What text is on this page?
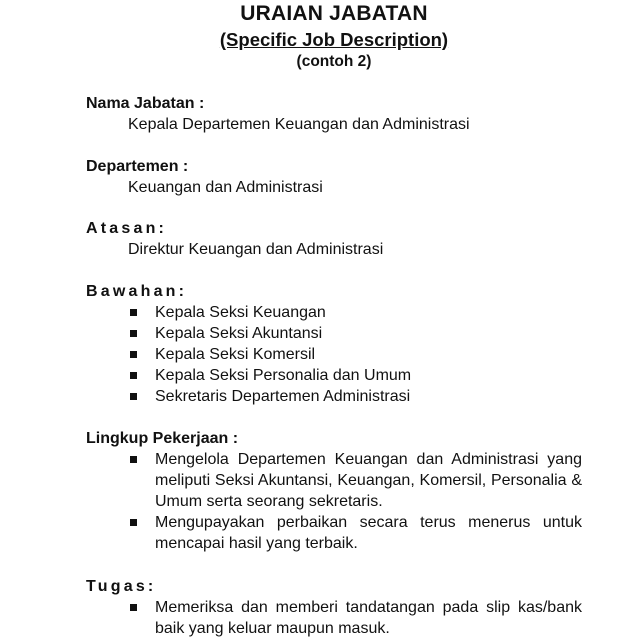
URAIAN JABATAN
(Specific Job Description)
(contoh 2)
Nama Jabatan :
Kepala Departemen Keuangan dan Administrasi
Departemen :
Keuangan dan Administrasi
Atasan:
Direktur Keuangan dan Administrasi
Bawahan:
Kepala Seksi Keuangan
Kepala Seksi Akuntansi
Kepala Seksi Komersil
Kepala Seksi Personalia dan Umum
Sekretaris Departemen Administrasi
Lingkup Pekerjaan :
Mengelola Departemen Keuangan dan Administrasi yang meliputi Seksi Akuntansi, Keuangan, Komersil, Personalia & Umum serta seorang sekretaris.
Mengupayakan perbaikan secara terus menerus untuk mencapai hasil yang terbaik.
Tugas:
Memeriksa dan memberi tandatangan pada slip kas/bank baik yang keluar maupun masuk.
